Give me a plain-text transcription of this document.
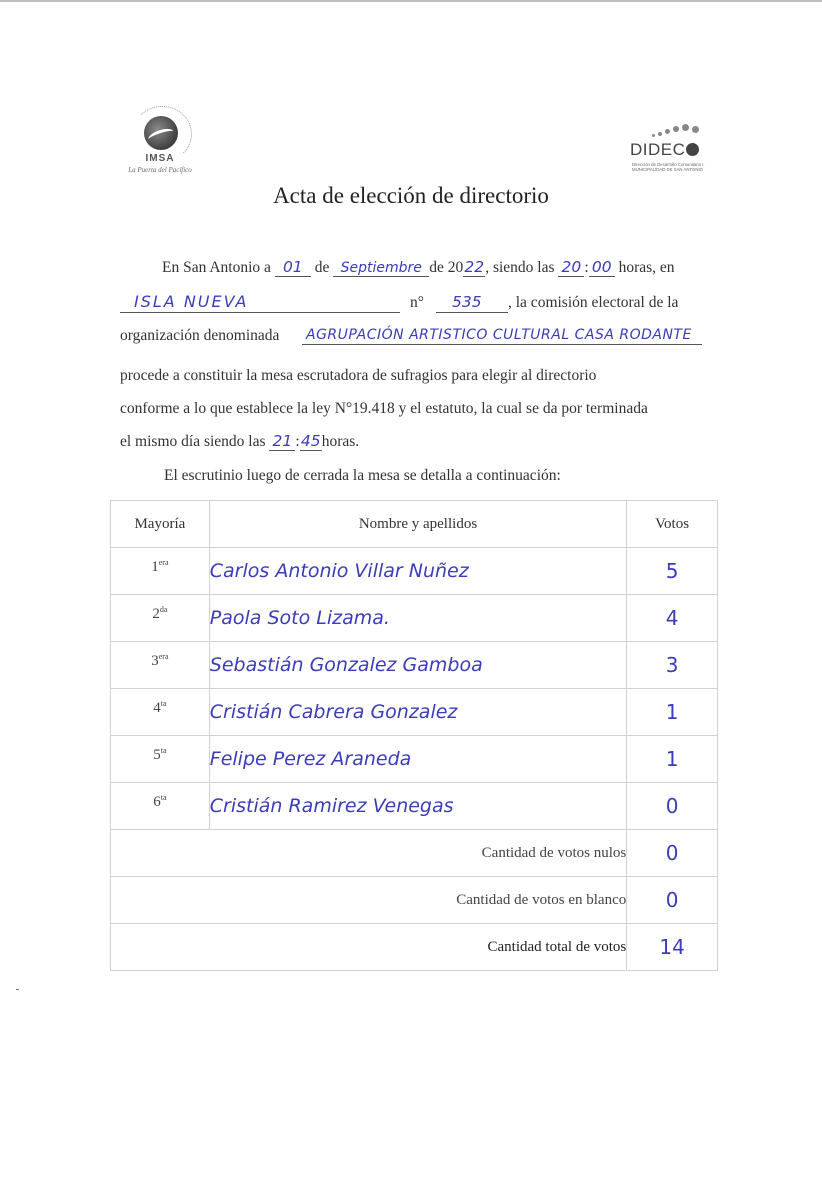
IMSA
La Puerta del Pacífico
DIDEC
Dirección de Desarrollo Comunitario I. MUNICIPALIDAD DE SAN ANTONIO
Acta de elección de directorio
En San Antonio a 01 de Septiembre de 2022, siendo las 20 : 00 horas, en
ISLA NUEVA	n° 535 , la comisión electoral de la
organización denominada AGRUPACIÓN ARTISTICO CULTURAL CASA RODANTE
procede a constituir la mesa escrutadora de sufragios para elegir al directorio
conforme a lo que establece la ley N°19.418 y el estatuto, la cual se da por terminada
el mismo día siendo las 21 :45horas.
El escrutinio luego de cerrada la mesa se detalla a continuación:
Mayoría	Nombre y apellidos	Votos
$1^{era}$	Carlos Antonio Villar Nuñez	5
$2^{da}$	Paola Soto Lizama.	4
$3^{era}$	Sebastián Gonzalez Gamboa	3
$4^{ta}$	Cristián Cabrera Gonzalez	1
$5^{ta}$	Felipe Perez Araneda	1
$6^{ta}$	Cristián Ramirez Venegas	0
Cantidad de votos nulos		0
Cantidad de votos en blanco		0
Cantidad total de votos		14
